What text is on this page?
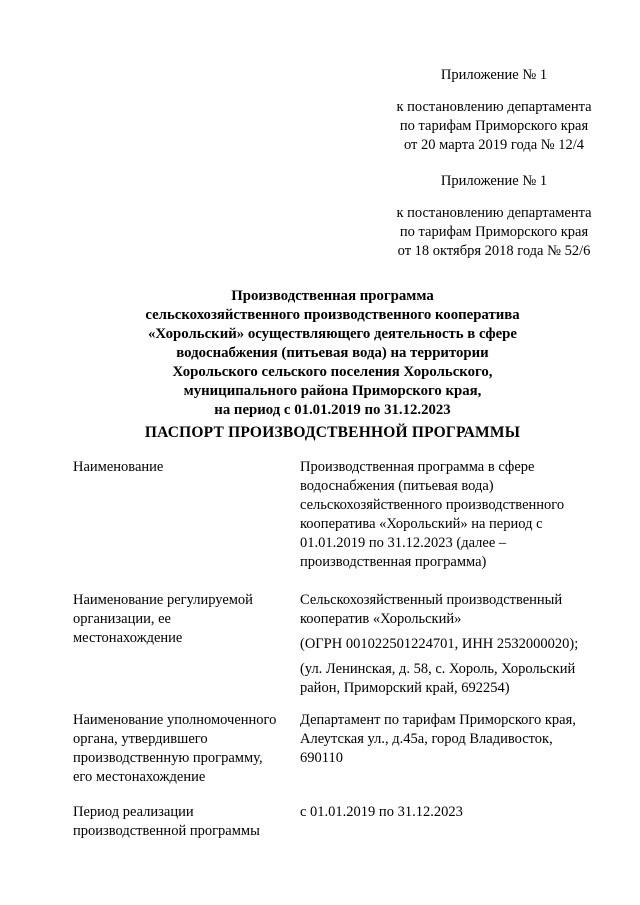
Приложение № 1
к постановлению департамента
по тарифам Приморского края
от 20 марта 2019 года № 12/4
Приложение № 1
к постановлению департамента
по тарифам Приморского края
от 18 октября 2018 года № 52/6
Производственная программа
сельскохозяйственного производственного кооператива
«Хорольский» осуществляющего деятельность в сфере
водоснабжения (питьевая вода) на территории
Хорольского сельского поселения Хорольского,
муниципального района Приморского края,
на период с 01.01.2019 по 31.12.2023
ПАСПОРТ ПРОИЗВОДСТВЕННОЙ ПРОГРАММЫ
Наименование	Производственная программа в сфере
водоснабжения (питьевая вода)
сельскохозяйственного производственного
кооператива «Хорольский» на период с
01.01.2019 по 31.12.2023 (далее –
производственная программа)
Наименование регулируемой
организации, ее
местонахождение
Сельскохозяйственный производственный
кооператив «Хорольский»
(ОГРН 001022501224701, ИНН 2532000020);
(ул. Ленинская, д. 58, с. Хороль, Хорольский
район, Приморский край, 692254)
Наименование уполномоченного
органа, утвердившего
производственную программу,
его местонахождение
Департамент по тарифам Приморского края,
Алеутская ул., д.45а, город Владивосток,
690110
Период реализации
производственной программы
с 01.01.2019 по 31.12.2023
